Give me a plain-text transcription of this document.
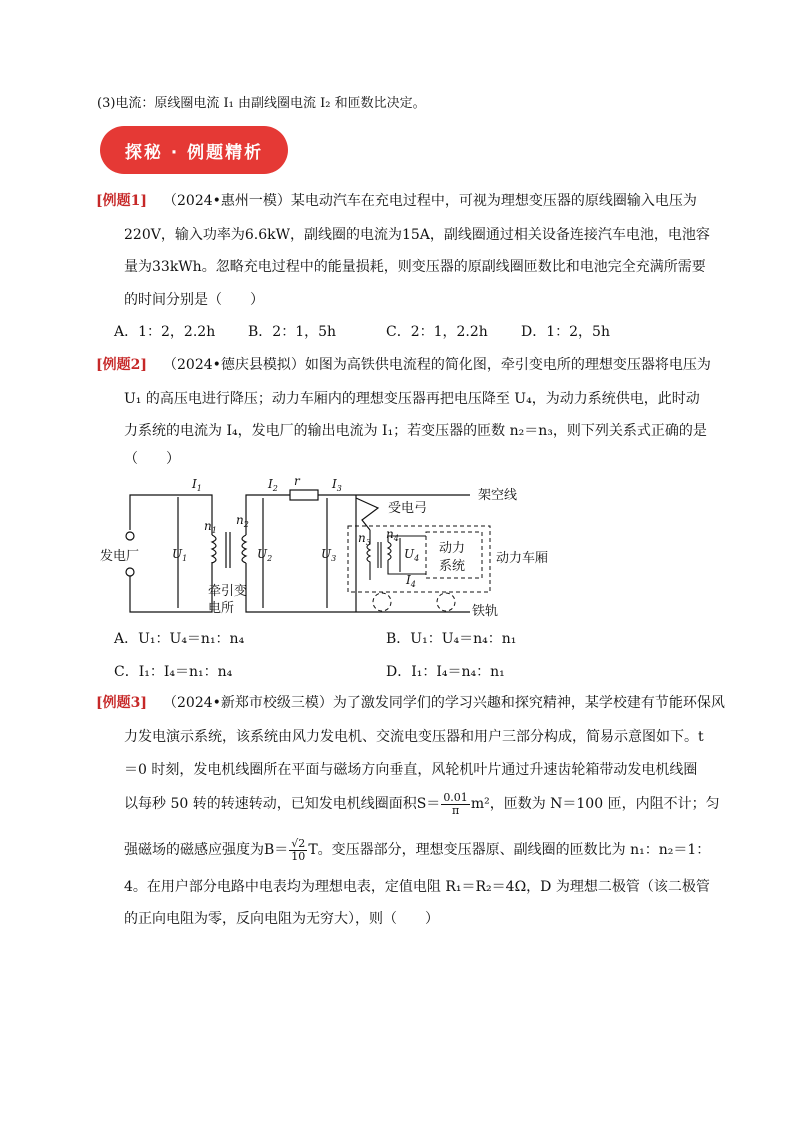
(3)电流：原线圈电流 I₁ 由副线圈电流 I₂ 和匝数比决定。
探秘 · 例题精析
[例题1] （2024•惠州一模）某电动汽车在充电过程中，可视为理想变压器的原线圈输入电压为
220V，输入功率为6.6kW，副线圈的电流为15A，副线圈通过相关设备连接汽车电池，电池容
量为33kWh。忽略充电过程中的能量损耗，则变压器的原副线圈匝数比和电池完全充满所需要
的时间分别是（　　）
A．1：2，2.2h B．2：1，5h	C．2：1，2.2h D．1：2，5h
[例题2] （2024•德庆县模拟）如图为高铁供电流程的简化图，牵引变电所的理想变压器将电压为
U₁ 的高压电进行降压；动力车厢内的理想变压器再把电压降至 U₄，为动力系统供电，此时动
力系统的电流为 I₄，发电厂的输出电流为 I₁；若变压器的匝数 n₂＝n₃，则下列关系式正确的是
（　　）
发电厂
牵引变
电所
架空线
受电弓
动力
系统
动力车厢
铁轨
r
$I_1$	$I_2$	$I_3$
$I_4$
$U_1$	$U_2$	$U_3$	$U_4$
$n_1$
$n_2$
$n_3$
$n_4$
A．U₁：U₄＝n₁：n₄	B．U₁：U₄＝n₄：n₁
C．I₁：I₄＝n₁：n₄	D．I₁：I₄＝n₄：n₁
[例题3] （2024•新郑市校级三模）为了激发同学们的学习兴趣和探究精神，某学校建有节能环保风
力发电演示系统，该系统由风力发电机、交流电变压器和用户三部分构成，简易示意图如下。t
＝0 时刻，发电机线圈所在平面与磁场方向垂直，风轮机叶片通过升速齿轮箱带动发电机线圈
以每秒 50 转的转速转动，已知发电机线圈面积$S= \frac{0.01}{\pi} m^2$，匝数为 N＝100 匝，内阻不计；匀
强磁场的磁感应强度为$B= \frac{√2}{10}$ T。变压器部分，理想变压器原、副线圈的匝数比为 n₁：n₂＝1：
4。在用户部分电路中电表均为理想电表，定值电阻 R₁＝R₂＝4Ω，D 为理想二极管（该二极管
的正向电阻为零，反向电阻为无穷大），则（　　）
